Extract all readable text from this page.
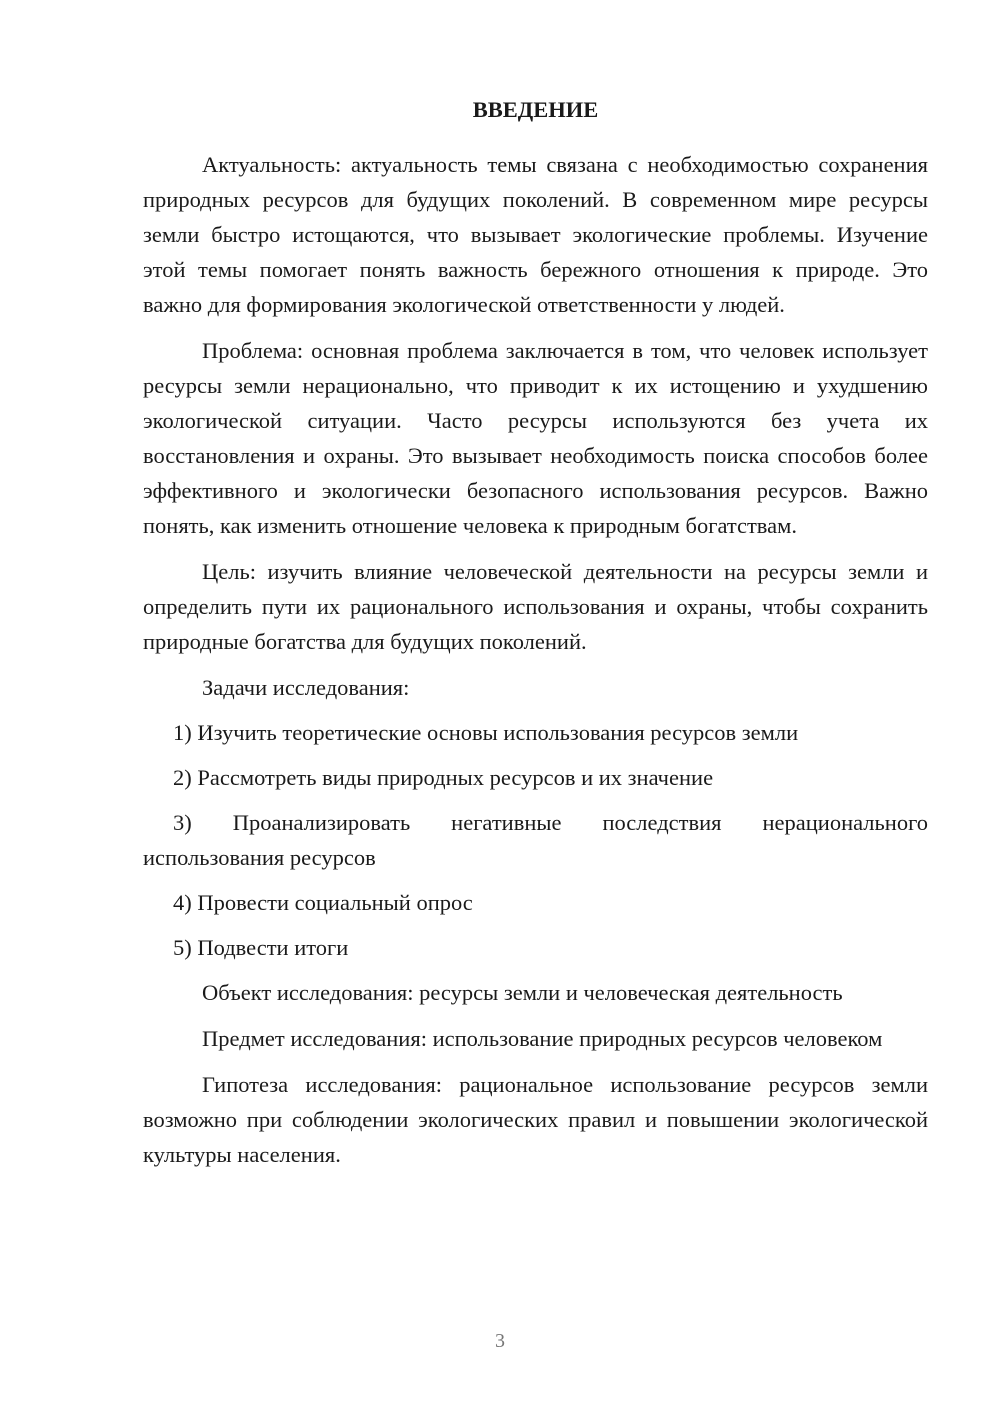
ВВЕДЕНИЕ

Актуальность: актуальность темы связана с необходимостью сохранения природных ресурсов для будущих поколений. В современном мире ресурсы земли быстро истощаются, что вызывает экологические проблемы. Изучение этой темы помогает понять важность бережного отношения к природе. Это важно для формирования экологической ответственности у людей.

Проблема: основная проблема заключается в том, что человек использует ресурсы земли нерационально, что приводит к их истощению и ухудшению экологической ситуации. Часто ресурсы используются без учета их восстановления и охраны. Это вызывает необходимость поиска способов более эффективного и экологически безопасного использования ресурсов. Важно понять, как изменить отношение человека к природным богатствам.

Цель: изучить влияние человеческой деятельности на ресурсы земли и определить пути их рационального использования и охраны, чтобы сохранить природные богатства для будущих поколений.

Задачи исследования:

1) Изучить теоретические основы использования ресурсов земли

2) Рассмотреть виды природных ресурсов и их значение

3) Проанализировать негативные последствия нерационального использования ресурсов

4) Провести социальный опрос

5) Подвести итоги

Объект исследования: ресурсы земли и человеческая деятельность

Предмет исследования: использование природных ресурсов человеком

Гипотеза исследования: рациональное использование ресурсов земли возможно при соблюдении экологических правил и повышении экологической культуры населения.

3
